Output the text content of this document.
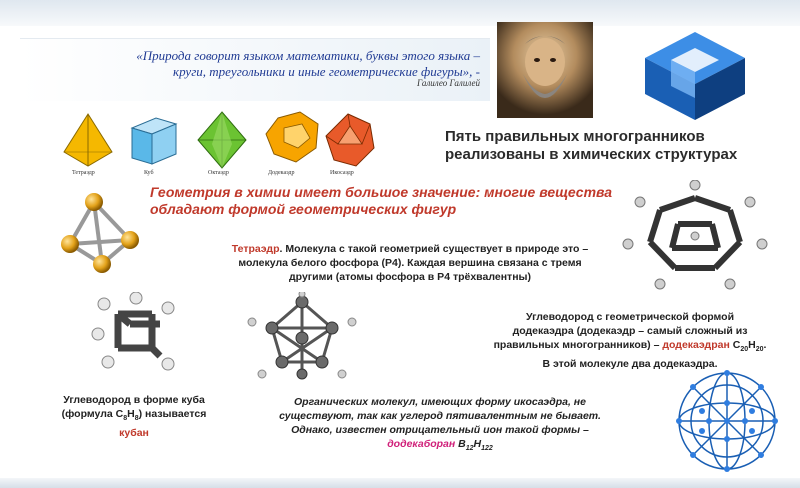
«Природа говорит языком математики, буквы этого языка –
круги, треугольники и иные геометрические фигуры», -
Галилео Галилей
Тетраэдр	Куб	Октаэдр	Додекаэдр	Икосаэдр
Пять правильных многогранников
реализованы в химических структурах
Геометрия в химии имеет большое значение: многие вещества
обладают формой геометрических фигур
Тетраэдр. Молекула с такой геометрией существует в природе это –
молекула белого фосфора (P4). Каждая вершина связана с тремя
другими (атомы фосфора в P4 трёхвалентны)
Углеводород с геометрической формой
додекаэдра (додекаэдр – самый сложный из
правильных многогранников) – додекаэдран $C_{20}H_{20}$.
В этой молекуле два додекаэдра.
Углеводород в форме куба
(формула $C_8H_8$) называется
кубан
Органических молекул, имеющих форму икосаэдра, не
существуют, так как углерод пятивалентным не бывает.
Однако, известен отрицательный ион такой формы –
додекаборан $B_{12}H_{122}$
